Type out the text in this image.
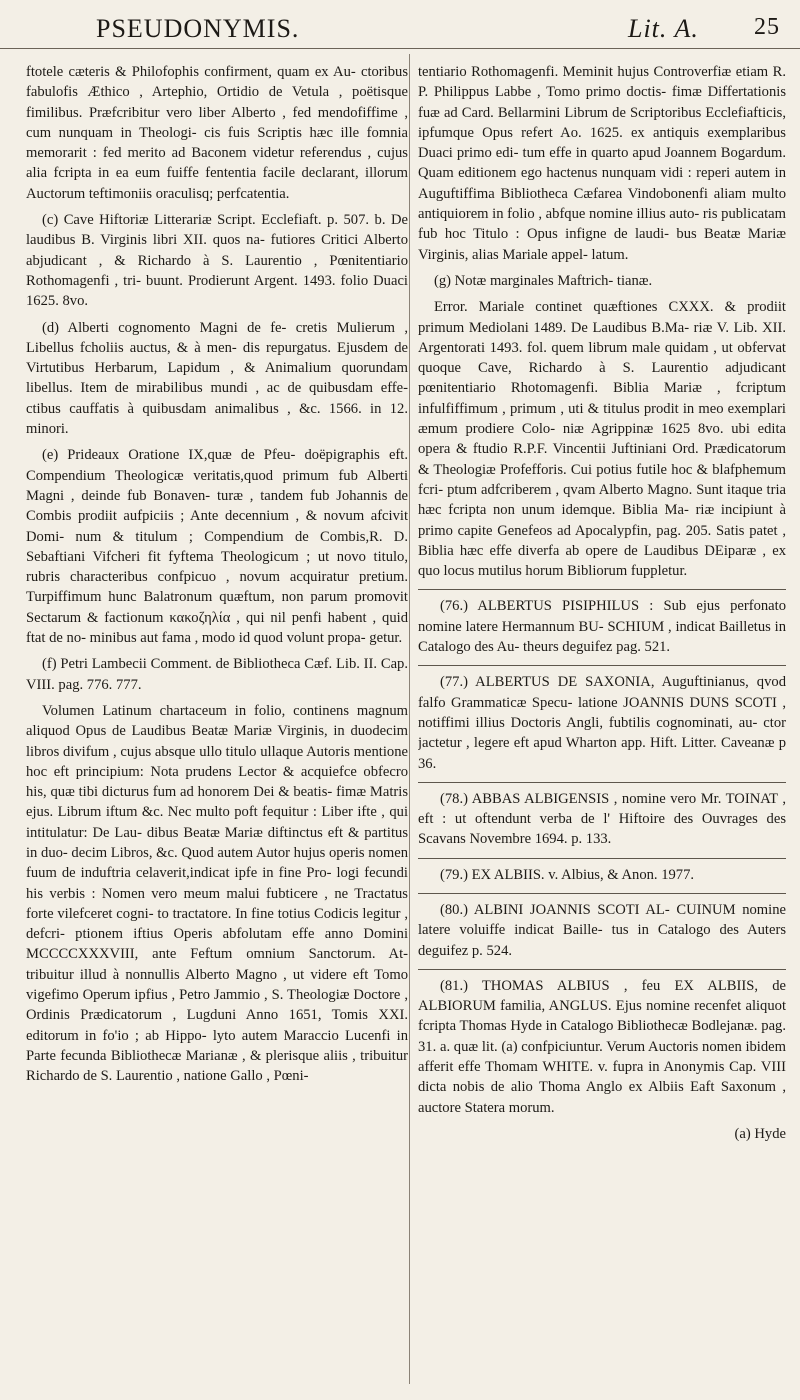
PSEUDONYMIS.	Lit. A. 25

ftotele cæteris & Philofophis confirment, quam ex Au- ctoribus fabulofis Æthico , Artephio, Ortidio de Vetula , poëtisque fimilibus. Præfcribitur vero liber Alberto , fed mendofiffime , cum nunquam in Theologi- cis fuis Scriptis hæc ille fomnia memorarit : fed merito ad Baconem videtur referendus , cujus alia fcripta in ea eum fuiffe fententia facile declarant, illorum Auctorum teftimoniis oraculisq; perfcatentia.

(c) Cave Hiftoriæ Litterariæ Script. Ecclefiaft. p. 507. b. De laudibus B. Virginis libri XII. quos na- futiores Critici Alberto abjudicant , & Richardo à S. Laurentio , Pœnitentiario Rothomagenfi , tri- buunt. Prodierunt Argent. 1493. folio Duaci 1625. 8vo.

(d) Alberti cognomento Magni de fe- cretis Mulierum , Libellus fcholiis auctus, & à men- dis repurgatus. Ejusdem de Virtutibus Herbarum, Lapidum , & Animalium quorundam libellus. Item de mirabilibus mundi , ac de quibusdam effe- ctibus cauffatis à quibusdam animalibus , &c. 1566. in 12. minori.

(e) Prideaux Oratione IX,quæ de Pfeu- doëpigraphis eft. Compendium Theologicæ veritatis,quod primum fub Alberti Magni , deinde fub Bonaven- turæ , tandem fub Johannis de Combis prodiit aufpiciis ; Ante decennium , & novum afcivit Domi- num & titulum ; Compendium de Combis,R. D. Sebaftiani Vifcheri fit fyftema Theologicum ; ut novo titulo, rubris characteribus confpicuo , novum acquiratur pretium. Turpiffimum hunc Balatronum quæftum, non parum promovit Sectarum & factionum κακοζηλία , qui nil penfi habent , quid ftat de no- minibus aut fama , modo id quod volunt propa- getur.

(f) Petri Lambecii Comment. de Bibliotheca Cæf. Lib. II. Cap. VIII. pag. 776. 777.

Volumen Latinum chartaceum in folio, continens magnum aliquod Opus de Laudibus Beatæ Mariæ Virginis, in duodecim libros divifum , cujus absque ullo titulo ullaque Autoris mentione hoc eft principium: Nota prudens Lector & acquiefce obfecro his, quæ tibi dicturus fum ad honorem Dei & beatis- fimæ Matris ejus. Librum iftum &c. Nec multo poft fequitur : Liber ifte , qui intitulatur: De Lau- dibus Beatæ Mariæ diftinctus eft & partitus in duo- decim Libros, &c. Quod autem Autor hujus operis nomen fuum de induftria celaverit,indicat ipfe in fine Pro- logi fecundi his verbis : Nomen vero meum malui fubticere , ne Tractatus forte vilefceret cogni- to tractatore. In fine totius Codicis legitur , defcri- ptionem iftius Operis abfolutam effe anno Domini MCCCCXXXVIII, ante Feftum omnium Sanctorum. At- tribuitur illud à nonnullis Alberto Magno , ut videre eft Tomo vigefimo Operum ipfius , Petro Jammio , S. Theologiæ Doctore , Ordinis Prædicatorum , Lugduni Anno 1651, Tomis XXI. editorum in fo'io ; ab Hippo- lyto autem Maraccio Lucenfi in Parte fecunda Bibliothecæ Marianæ , & plerisque aliis , tribuitur Richardo de S. Laurentio , natione Gallo , Pœni-

tentiario Rothomagenfi. Meminit hujus Controverfiæ etiam R. P. Philippus Labbe , Tomo primo doctis- fimæ Differtationis fuæ ad Card. Bellarmini Librum de Scriptoribus Ecclefiafticis, ipfumque Opus refert Ao. 1625. ex antiquis exemplaribus Duaci primo edi- tum effe in quarto apud Joannem Bogardum. Quam editionem ego hactenus nunquam vidi : reperi autem in Auguftiffima Bibliotheca Cæfarea Vindobonenfi aliam multo antiquiorem in folio , abfque nomine illius auto- ris publicatam fub hoc Titulo : Opus infigne de laudi- bus Beatæ Mariæ Virginis, alias Mariale appel- latum.

(g) Notæ marginales Maftrich- tianæ.

Error. Mariale continet quæftiones CXXX. & prodiit primum Mediolani 1489. De Laudibus B.Ma- riæ V. Lib. XII. Argentorati 1493. fol. quem librum male quidam , ut obfervat quoque Cave, Richardo à S. Laurentio adjudicant pœnitentiario Rhotomagenfi. Biblia Mariæ , fcriptum infulfiffimum , primum , uti & titulus prodit in meo exemplari æmum prodiere Colo- niæ Agrippinæ 1625 8vo. ubi edita opera & ftudio R.P.F. Vincentii Juftiniani Ord. Prædicatorum & Theologiæ Profefforis. Cui potius futile hoc & blafphemum fcri- ptum adfcriberem , qvam Alberto Magno. Sunt itaque tria hæc fcripta non unum idemque. Biblia Ma- riæ incipiunt à primo capite Genefeos ad Apocalypfin, pag. 205. Satis patet , Biblia hæc effe diverfa ab opere de Laudibus DEiparæ , ex quo locus mutilus horum Bibliorum fuppletur.

(76.) ALBERTUS PISIPHILUS : Sub ejus perfonato nomine latere Hermannum BU- SCHIUM , indicat Bailletus in Catalogo des Au- theurs deguifez pag. 521.

(77.) ALBERTUS DE SAXONIA, Auguftinianus, qvod falfo Grammaticæ Specu- latione JOANNIS DUNS SCOTI , notiffimi illius Doctoris Angli, fubtilis cognominati, au- ctor jactetur , legere eft apud Wharton app. Hift. Litter. Caveanæ p 36.

(78.) ABBAS ALBIGENSIS , nomine vero Mr. TOINAT , eft : ut oftendunt verba de l' Hiftoire des Ouvrages des Scavans Novembre 1694. p. 133.

(79.) EX ALBIIS. v. Albius, & Anon. 1977.

(80.) ALBINI JOANNIS SCOTI AL- CUINUM nomine latere voluiffe indicat Baille- tus in Catalogo des Auters deguifez p. 524.

(81.) THOMAS ALBIUS , feu EX ALBIIS, de ALBIORUM familia, ANGLUS. Ejus nomine recenfet aliquot fcripta Thomas Hyde in Catalogo Bibliothecæ Bodlejanæ. pag. 31. a. quæ lit. (a) confpiciuntur. Verum Auctoris nomen ibidem afferit effe Thomam WHITE. v. fupra in Anonymis Cap. VIII dicta nobis de alio Thoma Anglo ex Albiis Eaft Saxonum , auctore Statera morum.

(a) Hyde
